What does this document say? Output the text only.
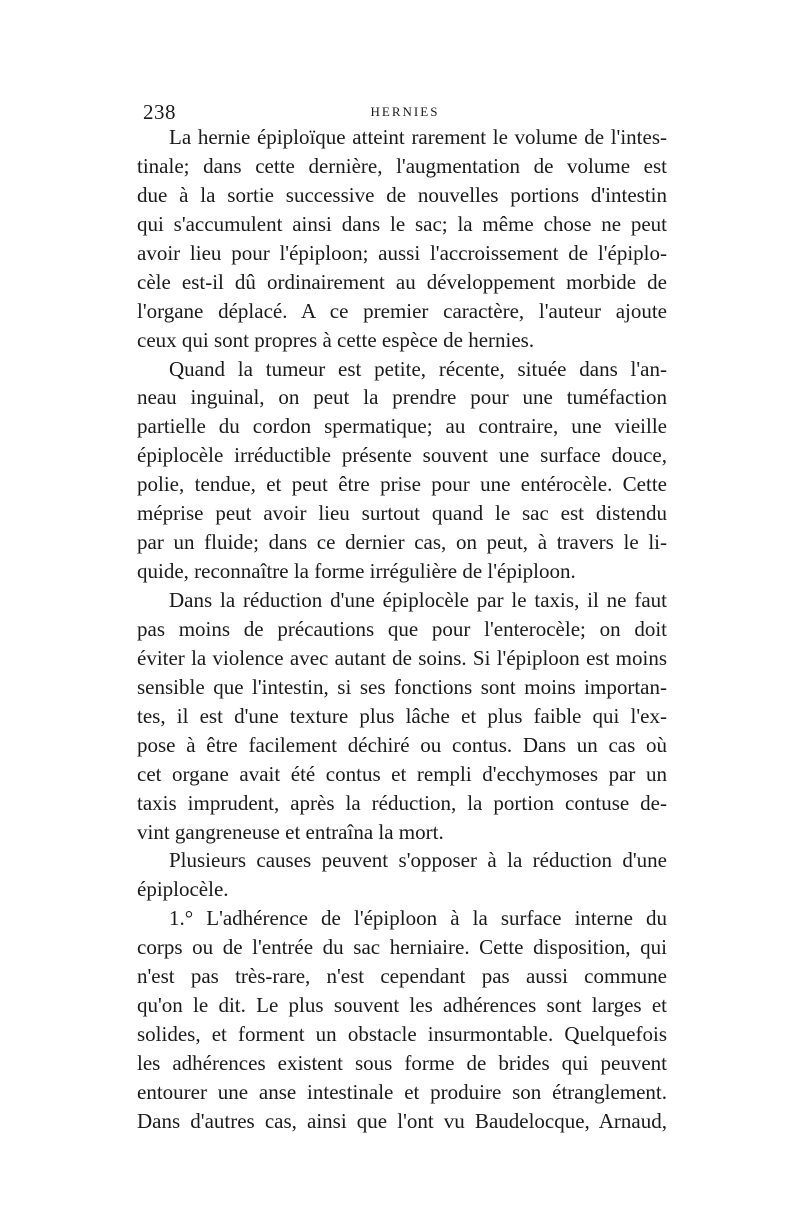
238	HERNIES
La hernie épiploïque atteint rarement le volume de l'intes-
tinale; dans cette dernière, l'augmentation de volume est
due à la sortie successive de nouvelles portions d'intestin
qui s'accumulent ainsi dans le sac; la même chose ne peut
avoir lieu pour l'épiploon; aussi l'accroissement de l'épiplo-
cèle est-il dû ordinairement au développement morbide de
l'organe déplacé. A ce premier caractère, l'auteur ajoute
ceux qui sont propres à cette espèce de hernies.
Quand la tumeur est petite, récente, située dans l'an-
neau inguinal, on peut la prendre pour une tuméfaction
partielle du cordon spermatique; au contraire, une vieille
épiplocèle irréductible présente souvent une surface douce,
polie, tendue, et peut être prise pour une entérocèle. Cette
méprise peut avoir lieu surtout quand le sac est distendu
par un fluide; dans ce dernier cas, on peut, à travers le li-
quide, reconnaître la forme irrégulière de l'épiploon.
Dans la réduction d'une épiplocèle par le taxis, il ne faut
pas moins de précautions que pour l'enterocèle; on doit
éviter la violence avec autant de soins. Si l'épiploon est moins
sensible que l'intestin, si ses fonctions sont moins importan-
tes, il est d'une texture plus lâche et plus faible qui l'ex-
pose à être facilement déchiré ou contus. Dans un cas où
cet organe avait été contus et rempli d'ecchymoses par un
taxis imprudent, après la réduction, la portion contuse de-
vint gangreneuse et entraîna la mort.
Plusieurs causes peuvent s'opposer à la réduction d'une
épiplocèle.
1.° L'adhérence de l'épiploon à la surface interne du
corps ou de l'entrée du sac herniaire. Cette disposition, qui
n'est pas très-rare, n'est cependant pas aussi commune
qu'on le dit. Le plus souvent les adhérences sont larges et
solides, et forment un obstacle insurmontable. Quelquefois
les adhérences existent sous forme de brides qui peuvent
entourer une anse intestinale et produire son étranglement.
Dans d'autres cas, ainsi que l'ont vu Baudelocque, Arnaud,
